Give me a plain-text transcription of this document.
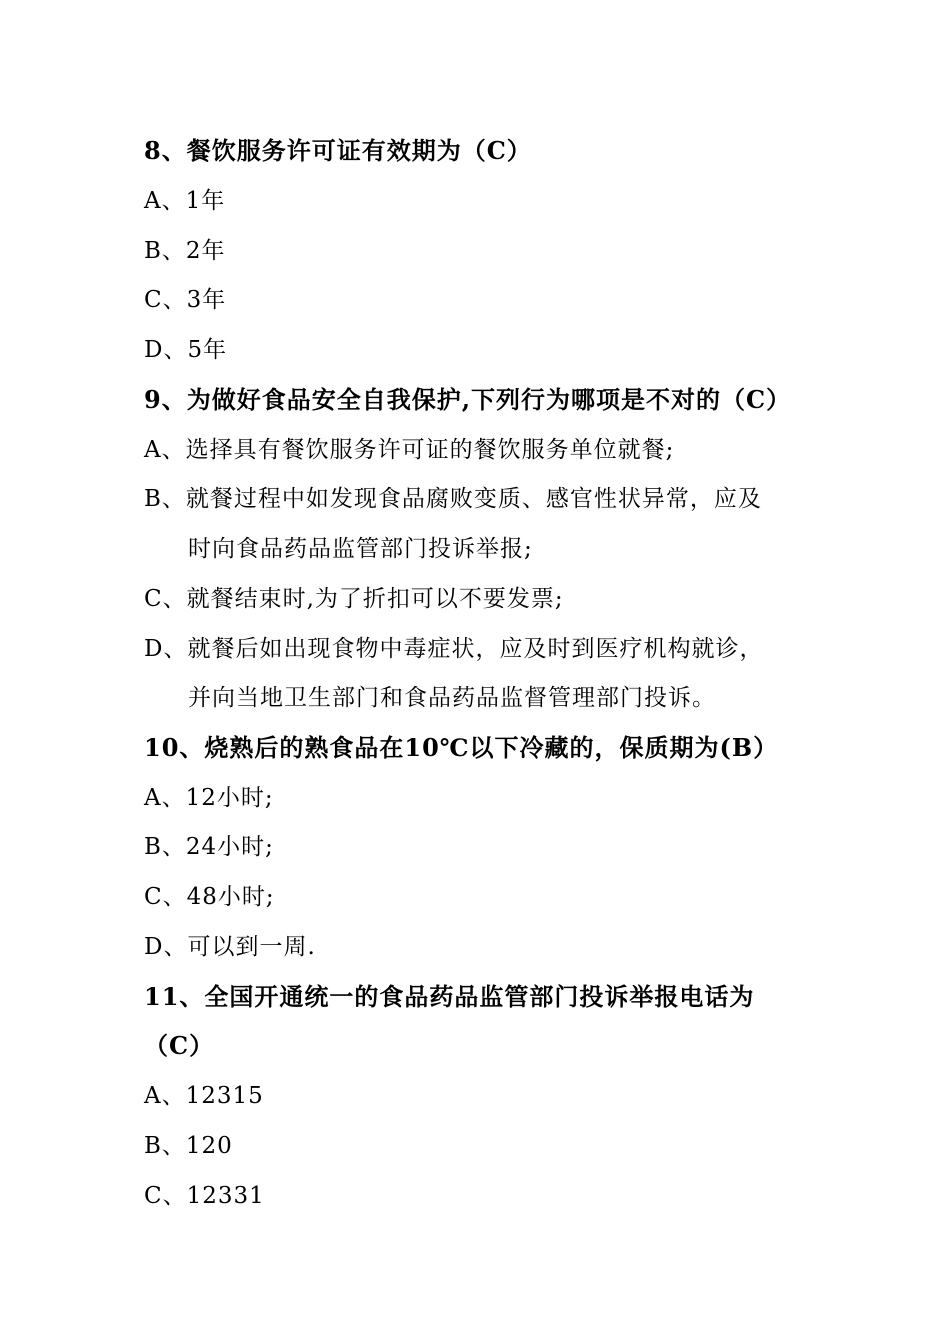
8、餐饮服务许可证有效期为（C）
A、1年
B、2年
C、3年
D、5年
9、为做好食品安全自我保护,下列行为哪项是不对的（C）
A、选择具有餐饮服务许可证的餐饮服务单位就餐;
B、就餐过程中如发现食品腐败变质、感官性状异常，应及
时向食品药品监管部门投诉举报;
C、就餐结束时,为了折扣可以不要发票;
D、就餐后如出现食物中毒症状，应及时到医疗机构就诊，
并向当地卫生部门和食品药品监督管理部门投诉。
10、烧熟后的熟食品在10℃以下冷藏的，保质期为(B）
A、12小时;
B、24小时;
C、48小时;
D、可以到一周.
11、全国开通统一的食品药品监管部门投诉举报电话为
（C）
A、12315
B、120
C、12331
